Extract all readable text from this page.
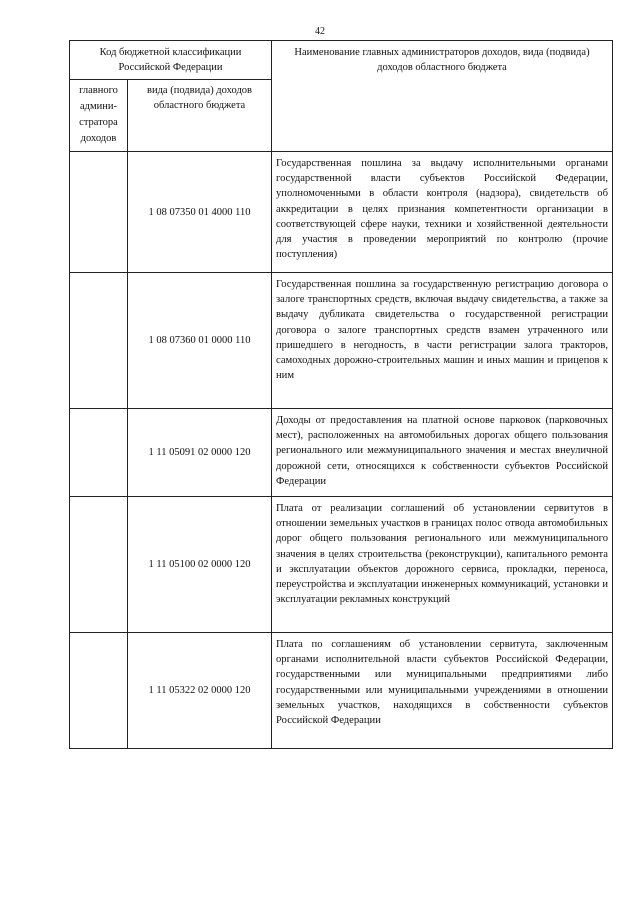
42
Код бюджетной классификации Российской Федерации		Наименование главных администраторов доходов, вида (подвида) доходов областного бюджета
главного админи-стратора доходов	вида (подвида) доходов областного бюджета	
	1 08 07350 01 4000 110	Государственная пошлина за выдачу исполнительными органами государственной власти субъектов Российской Федерации, уполномоченными в области контроля (надзора), свидетельств об аккредитации в целях признания компетентности организации в соответствующей сфере науки, техники и хозяйственной деятельности для участия в проведении мероприятий по контролю (прочие поступления)
	1 08 07360 01 0000 110	Государственная пошлина за государственную регистрацию договора о залоге транспортных средств, включая выдачу свидетельства, а также за выдачу дубликата свидетельства о государственной регистрации договора о залоге транспортных средств взамен утраченного или пришедшего в негодность, в части регистрации залога тракторов, самоходных дорожно-строительных машин и иных машин и прицепов к ним
	1 11 05091 02 0000 120	Доходы от предоставления на платной основе парковок (парковочных мест), расположенных на автомобильных дорогах общего пользования регионального или межмуниципального значения и местах внеуличной дорожной сети, относящихся к собственности субъектов Российской Федерации
	1 11 05100 02 0000 120	Плата от реализации соглашений об установлении сервитутов в отношении земельных участков в границах полос отвода автомобильных дорог общего пользования регионального или межмуниципального значения в целях строительства (реконструкции), капитального ремонта и эксплуатации объектов дорожного сервиса, прокладки, переноса, переустройства и эксплуатации инженерных коммуникаций, установки и эксплуатации рекламных конструкций
	1 11 05322 02 0000 120	Плата по соглашениям об установлении сервитута, заключенным органами исполнительной власти субъектов Российской Федерации, государственными или муниципальными предприятиями либо государственными или муниципальными учреждениями в отношении земельных участков, находящихся в собственности субъектов Российской Федерации
